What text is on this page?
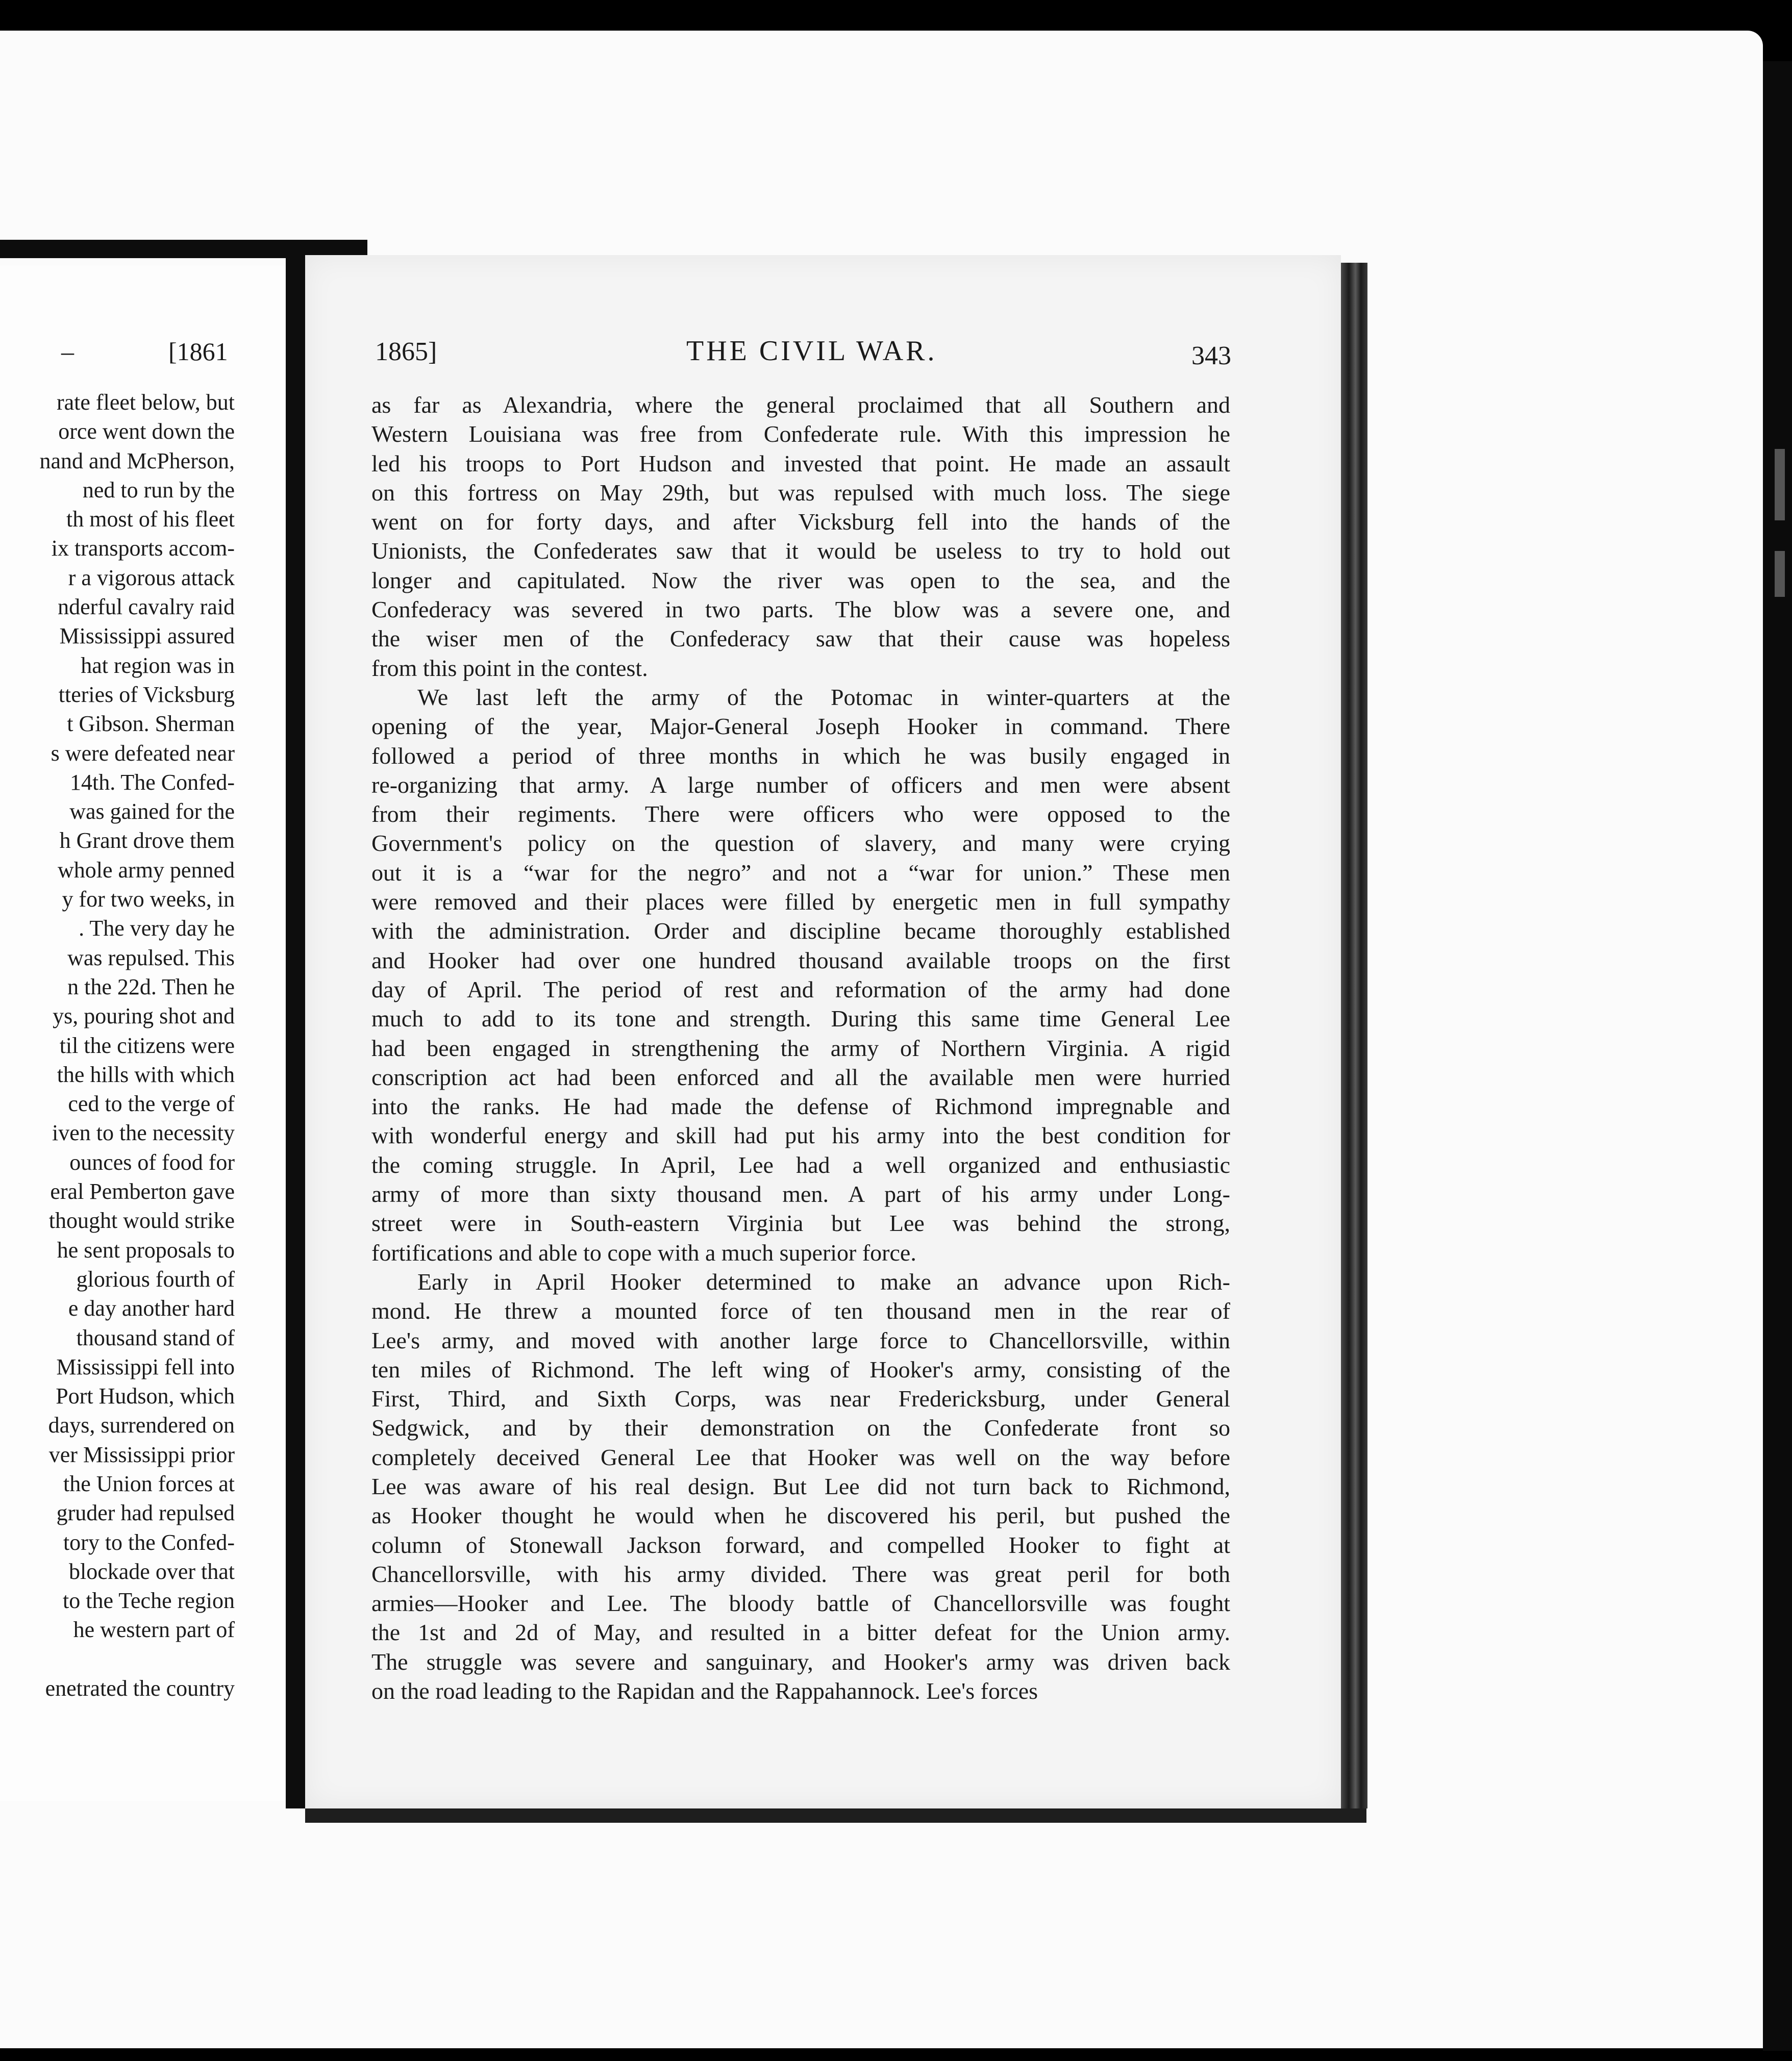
–	[1861
rate fleet below, but
orce went down the
nand and McPherson,
ned to run by the
th most of his fleet
ix transports accom-
r a vigorous attack
nderful cavalry raid
Mississippi assured
hat region was in
tteries of Vicksburg
t Gibson. Sherman
s were defeated near
14th. The Confed-
was gained for the
h Grant drove them
whole army penned
y for two weeks, in
. The very day he
was repulsed. This
n the 22d. Then he
ys, pouring shot and
til the citizens were
the hills with which
ced to the verge of
iven to the necessity
ounces of food for
eral Pemberton gave
thought would strike
he sent proposals to
glorious fourth of
e day another hard
thousand stand of
Mississippi fell into
Port Hudson, which
days, surrendered on
ver Mississippi prior
the Union forces at
gruder had repulsed
tory to the Confed-
blockade over that
to the Teche region
he western part of
enetrated the country
1865]	THE CIVIL WAR.	343
as far as Alexandria, where the general proclaimed that all Southern and
Western Louisiana was free from Confederate rule. With this impression he
led his troops to Port Hudson and invested that point. He made an assault
on this fortress on May 29th, but was repulsed with much loss. The siege
went on for forty days, and after Vicksburg fell into the hands of the
Unionists, the Confederates saw that it would be useless to try to hold out
longer and capitulated. Now the river was open to the sea, and the
Confederacy was severed in two parts. The blow was a severe one, and
the wiser men of the Confederacy saw that their cause was hopeless
from this point in the contest.
We last left the army of the Potomac in winter-quarters at the
opening of the year, Major-General Joseph Hooker in command. There
followed a period of three months in which he was busily engaged in
re-organizing that army. A large number of officers and men were absent
from their regiments. There were officers who were opposed to the
Government's policy on the question of slavery, and many were crying
out it is a “war for the negro” and not a “war for union.” These men
were removed and their places were filled by energetic men in full sympathy
with the administration. Order and discipline became thoroughly established
and Hooker had over one hundred thousand available troops on the first
day of April. The period of rest and reformation of the army had done
much to add to its tone and strength. During this same time General Lee
had been engaged in strengthening the army of Northern Virginia. A rigid
conscription act had been enforced and all the available men were hurried
into the ranks. He had made the defense of Richmond impregnable and
with wonderful energy and skill had put his army into the best condition for
the coming struggle. In April, Lee had a well organized and enthusiastic
army of more than sixty thousand men. A part of his army under Long-
street were in South-eastern Virginia but Lee was behind the strong,
fortifications and able to cope with a much superior force.
Early in April Hooker determined to make an advance upon Rich-
mond. He threw a mounted force of ten thousand men in the rear of
Lee's army, and moved with another large force to Chancellorsville, within
ten miles of Richmond. The left wing of Hooker's army, consisting of the
First, Third, and Sixth Corps, was near Fredericksburg, under General
Sedgwick, and by their demonstration on the Confederate front so
completely deceived General Lee that Hooker was well on the way before
Lee was aware of his real design. But Lee did not turn back to Richmond,
as Hooker thought he would when he discovered his peril, but pushed the
column of Stonewall Jackson forward, and compelled Hooker to fight at
Chancellorsville, with his army divided. There was great peril for both
armies—Hooker and Lee. The bloody battle of Chancellorsville was fought
the 1st and 2d of May, and resulted in a bitter defeat for the Union army.
The struggle was severe and sanguinary, and Hooker's army was driven back
on the road leading to the Rapidan and the Rappahannock. Lee's forces
